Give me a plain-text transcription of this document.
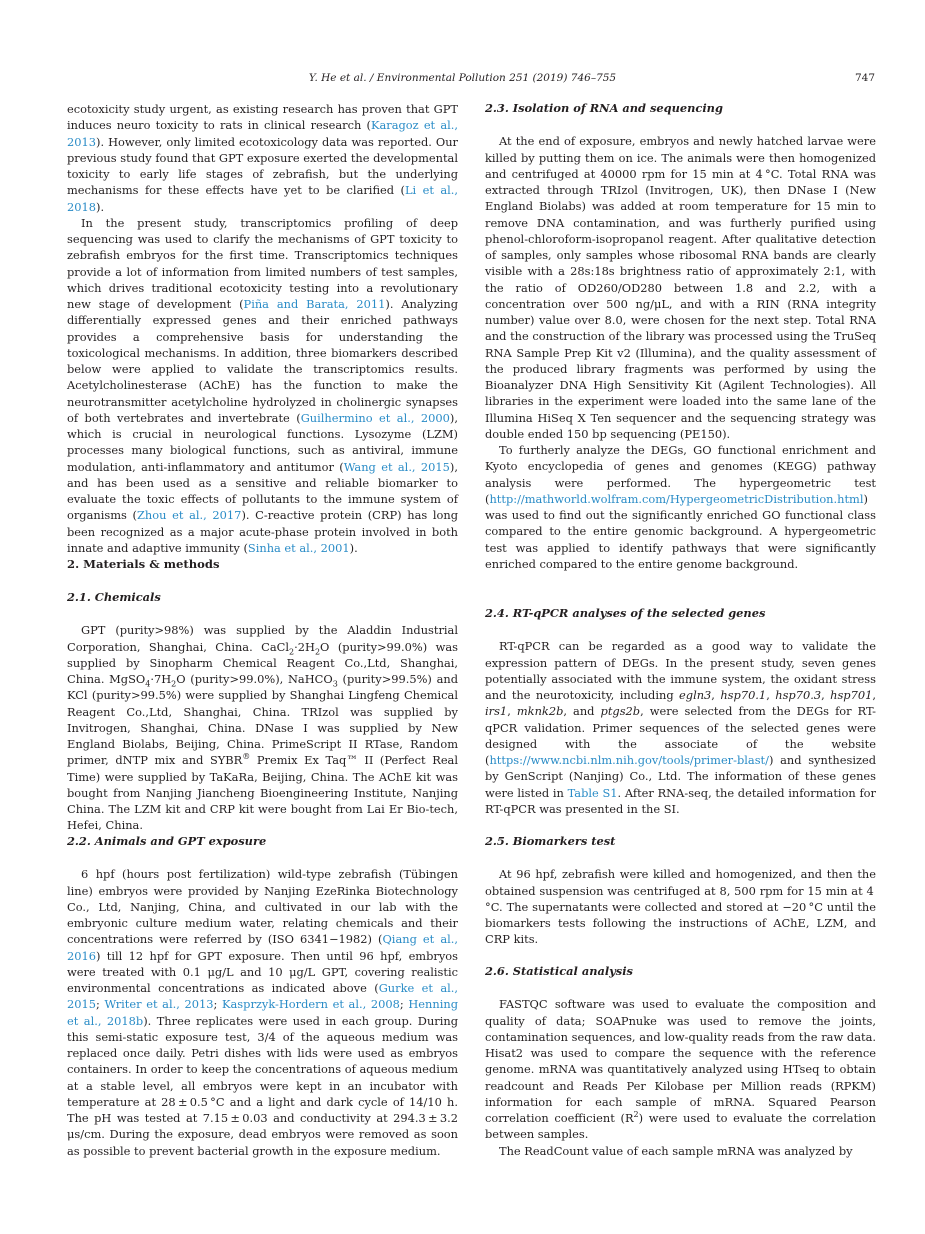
Y. He et al. / Environmental Pollution 251 (2019) 746–755	747

ecotoxicity study urgent, as existing research has proven that GPT induces neuro toxicity to rats in clinical research (Karagoz et al., 2013). However, only limited ecotoxicology data was reported. Our previous study found that GPT exposure exerted the developmental toxicity to early life stages of zebrafish, but the underlying mechanisms for these effects have yet to be clarified (Li et al., 2018).

In the present study, transcriptomics profiling of deep sequencing was used to clarify the mechanisms of GPT toxicity to zebrafish embryos for the first time. Transcriptomics techniques provide a lot of information from limited numbers of test samples, which drives traditional ecotoxicity testing into a revolutionary new stage of development (Piña and Barata, 2011). Analyzing differentially expressed genes and their enriched pathways provides a comprehensive basis for understanding the toxicological mechanisms. In addition, three biomarkers described below were applied to validate the transcriptomics results. Acetylcholinesterase (AChE) has the function to make the neurotransmitter acetylcholine hydrolyzed in cholinergic synapses of both vertebrates and invertebrate (Guilhermino et al., 2000), which is crucial in neurological functions. Lysozyme (LZM) processes many biological functions, such as antiviral, immune modulation, anti-inflammatory and antitumor (Wang et al., 2015), and has been used as a sensitive and reliable biomarker to evaluate the toxic effects of pollutants to the immune system of organisms (Zhou et al., 2017). C-reactive protein (CRP) has long been recognized as a major acute-phase protein involved in both innate and adaptive immunity (Sinha et al., 2001).

2. Materials & methods
2.1. Chemicals

GPT (purity>98%) was supplied by the Aladdin Industrial Corporation, Shanghai, China. $CaCl_2\cdot 2H_2O$ (purity>99.0%) was supplied by Sinopharm Chemical Reagent Co.,Ltd, Shanghai, China. $MgSO_4\cdot 7H_2O$ (purity>99.0%), NaHCO$_3$ (purity>99.5%) and KCl (purity>99.5%) were supplied by Shanghai Lingfeng Chemical Reagent Co.,Ltd, Shanghai, China. TRIzol was supplied by Invitrogen, Shanghai, China. DNase I was supplied by New England Biolabs, Beijing, China. PrimeScript II RTase, Random primer, dNTP mix and SYBR® Premix Ex Taq™ II (Perfect Real Time) were supplied by TaKaRa, Beijing, China. The AChE kit was bought from Nanjing Jiancheng Bioengineering Institute, Nanjing China. The LZM kit and CRP kit were bought from Lai Er Bio-tech, Hefei, China.

2.2. Animals and GPT exposure

6 hpf (hours post fertilization) wild-type zebrafish (Tübingen line) embryos were provided by Nanjing EzeRinka Biotechnology Co., Ltd, Nanjing, China, and cultivated in our lab with the embryonic culture medium water, relating chemicals and their concentrations were referred by (ISO 6341−1982) (Qiang et al., 2016) till 12 hpf for GPT exposure. Then until 96 hpf, embryos were treated with 0.1 μg/L and 10 μg/L GPT, covering realistic environmental concentrations as indicated above (Gurke et al., 2015; Writer et al., 2013; Kasprzyk-Hordern et al., 2008; Henning et al., 2018b). Three replicates were used in each group. During this semi-static exposure test, 3/4 of the aqueous medium was replaced once daily. Petri dishes with lids were used as embryos containers. In order to keep the concentrations of aqueous medium at a stable level, all embryos were kept in an incubator with temperature at 28 ± 0.5 °C and a light and dark cycle of 14/10 h. The pH was tested at 7.15 ± 0.03 and conductivity at 294.3 ± 3.2 μs/cm. During the exposure, dead embryos were removed as soon as possible to prevent bacterial growth in the exposure medium.

2.3. Isolation of RNA and sequencing

At the end of exposure, embryos and newly hatched larvae were killed by putting them on ice. The animals were then homogenized and centrifuged at 40000 rpm for 15 min at 4 °C. Total RNA was extracted through TRIzol (Invitrogen, UK), then DNase I (New England Biolabs) was added at room temperature for 15 min to remove DNA contamination, and was furtherly purified using phenol-chloroform-isopropanol reagent. After qualitative detection of samples, only samples whose ribosomal RNA bands are clearly visible with a 28s:18s brightness ratio of approximately 2:1, with the ratio of OD260/OD280 between 1.8 and 2.2, with a concentration over 500 ng/μL, and with a RIN (RNA integrity number) value over 8.0, were chosen for the next step. Total RNA and the construction of the library was processed using the TruSeq RNA Sample Prep Kit v2 (Illumina), and the quality assessment of the produced library fragments was performed by using the Bioanalyzer DNA High Sensitivity Kit (Agilent Technologies). All libraries in the experiment were loaded into the same lane of the Illumina HiSeq X Ten sequencer and the sequencing strategy was double ended 150 bp sequencing (PE150).

To furtherly analyze the DEGs, GO functional enrichment and Kyoto encyclopedia of genes and genomes (KEGG) pathway analysis were performed. The hypergeometric test (http://mathworld.wolfram.com/HypergeometricDistribution.html) was used to find out the significantly enriched GO functional class compared to the entire genomic background. A hypergeometric test was applied to identify pathways that were significantly enriched compared to the entire genome background.

2.4. RT-qPCR analyses of the selected genes

RT-qPCR can be regarded as a good way to validate the expression pattern of DEGs. In the present study, seven genes potentially associated with the immune system, the oxidant stress and the neurotoxicity, including egln3, hsp70.1, hsp70.3, hsp701, irs1, mknk2b, and ptgs2b, were selected from the DEGs for RT-qPCR validation. Primer sequences of the selected genes were designed with the associate of the website (https://www.ncbi.nlm.nih.gov/tools/primer-blast/) and synthesized by GenScript (Nanjing) Co., Ltd. The information of these genes were listed in Table S1. After RNA-seq, the detailed information for RT-qPCR was presented in the SI.

2.5. Biomarkers test

At 96 hpf, zebrafish were killed and homogenized, and then the obtained suspension was centrifuged at 8, 500 rpm for 15 min at 4 °C. The supernatants were collected and stored at −20 °C until the biomarkers tests following the instructions of AChE, LZM, and CRP kits.

2.6. Statistical analysis

FASTQC software was used to evaluate the composition and quality of data; SOAPnuke was used to remove the joints, contamination sequences, and low-quality reads from the raw data. Hisat2 was used to compare the sequence with the reference genome. mRNA was quantitatively analyzed using HTseq to obtain readcount and Reads Per Kilobase per Million reads (RPKM) information for each sample of mRNA. Squared Pearson correlation coefficient $(R^2)$ were used to evaluate the correlation between samples.

The ReadCount value of each sample mRNA was analyzed by
